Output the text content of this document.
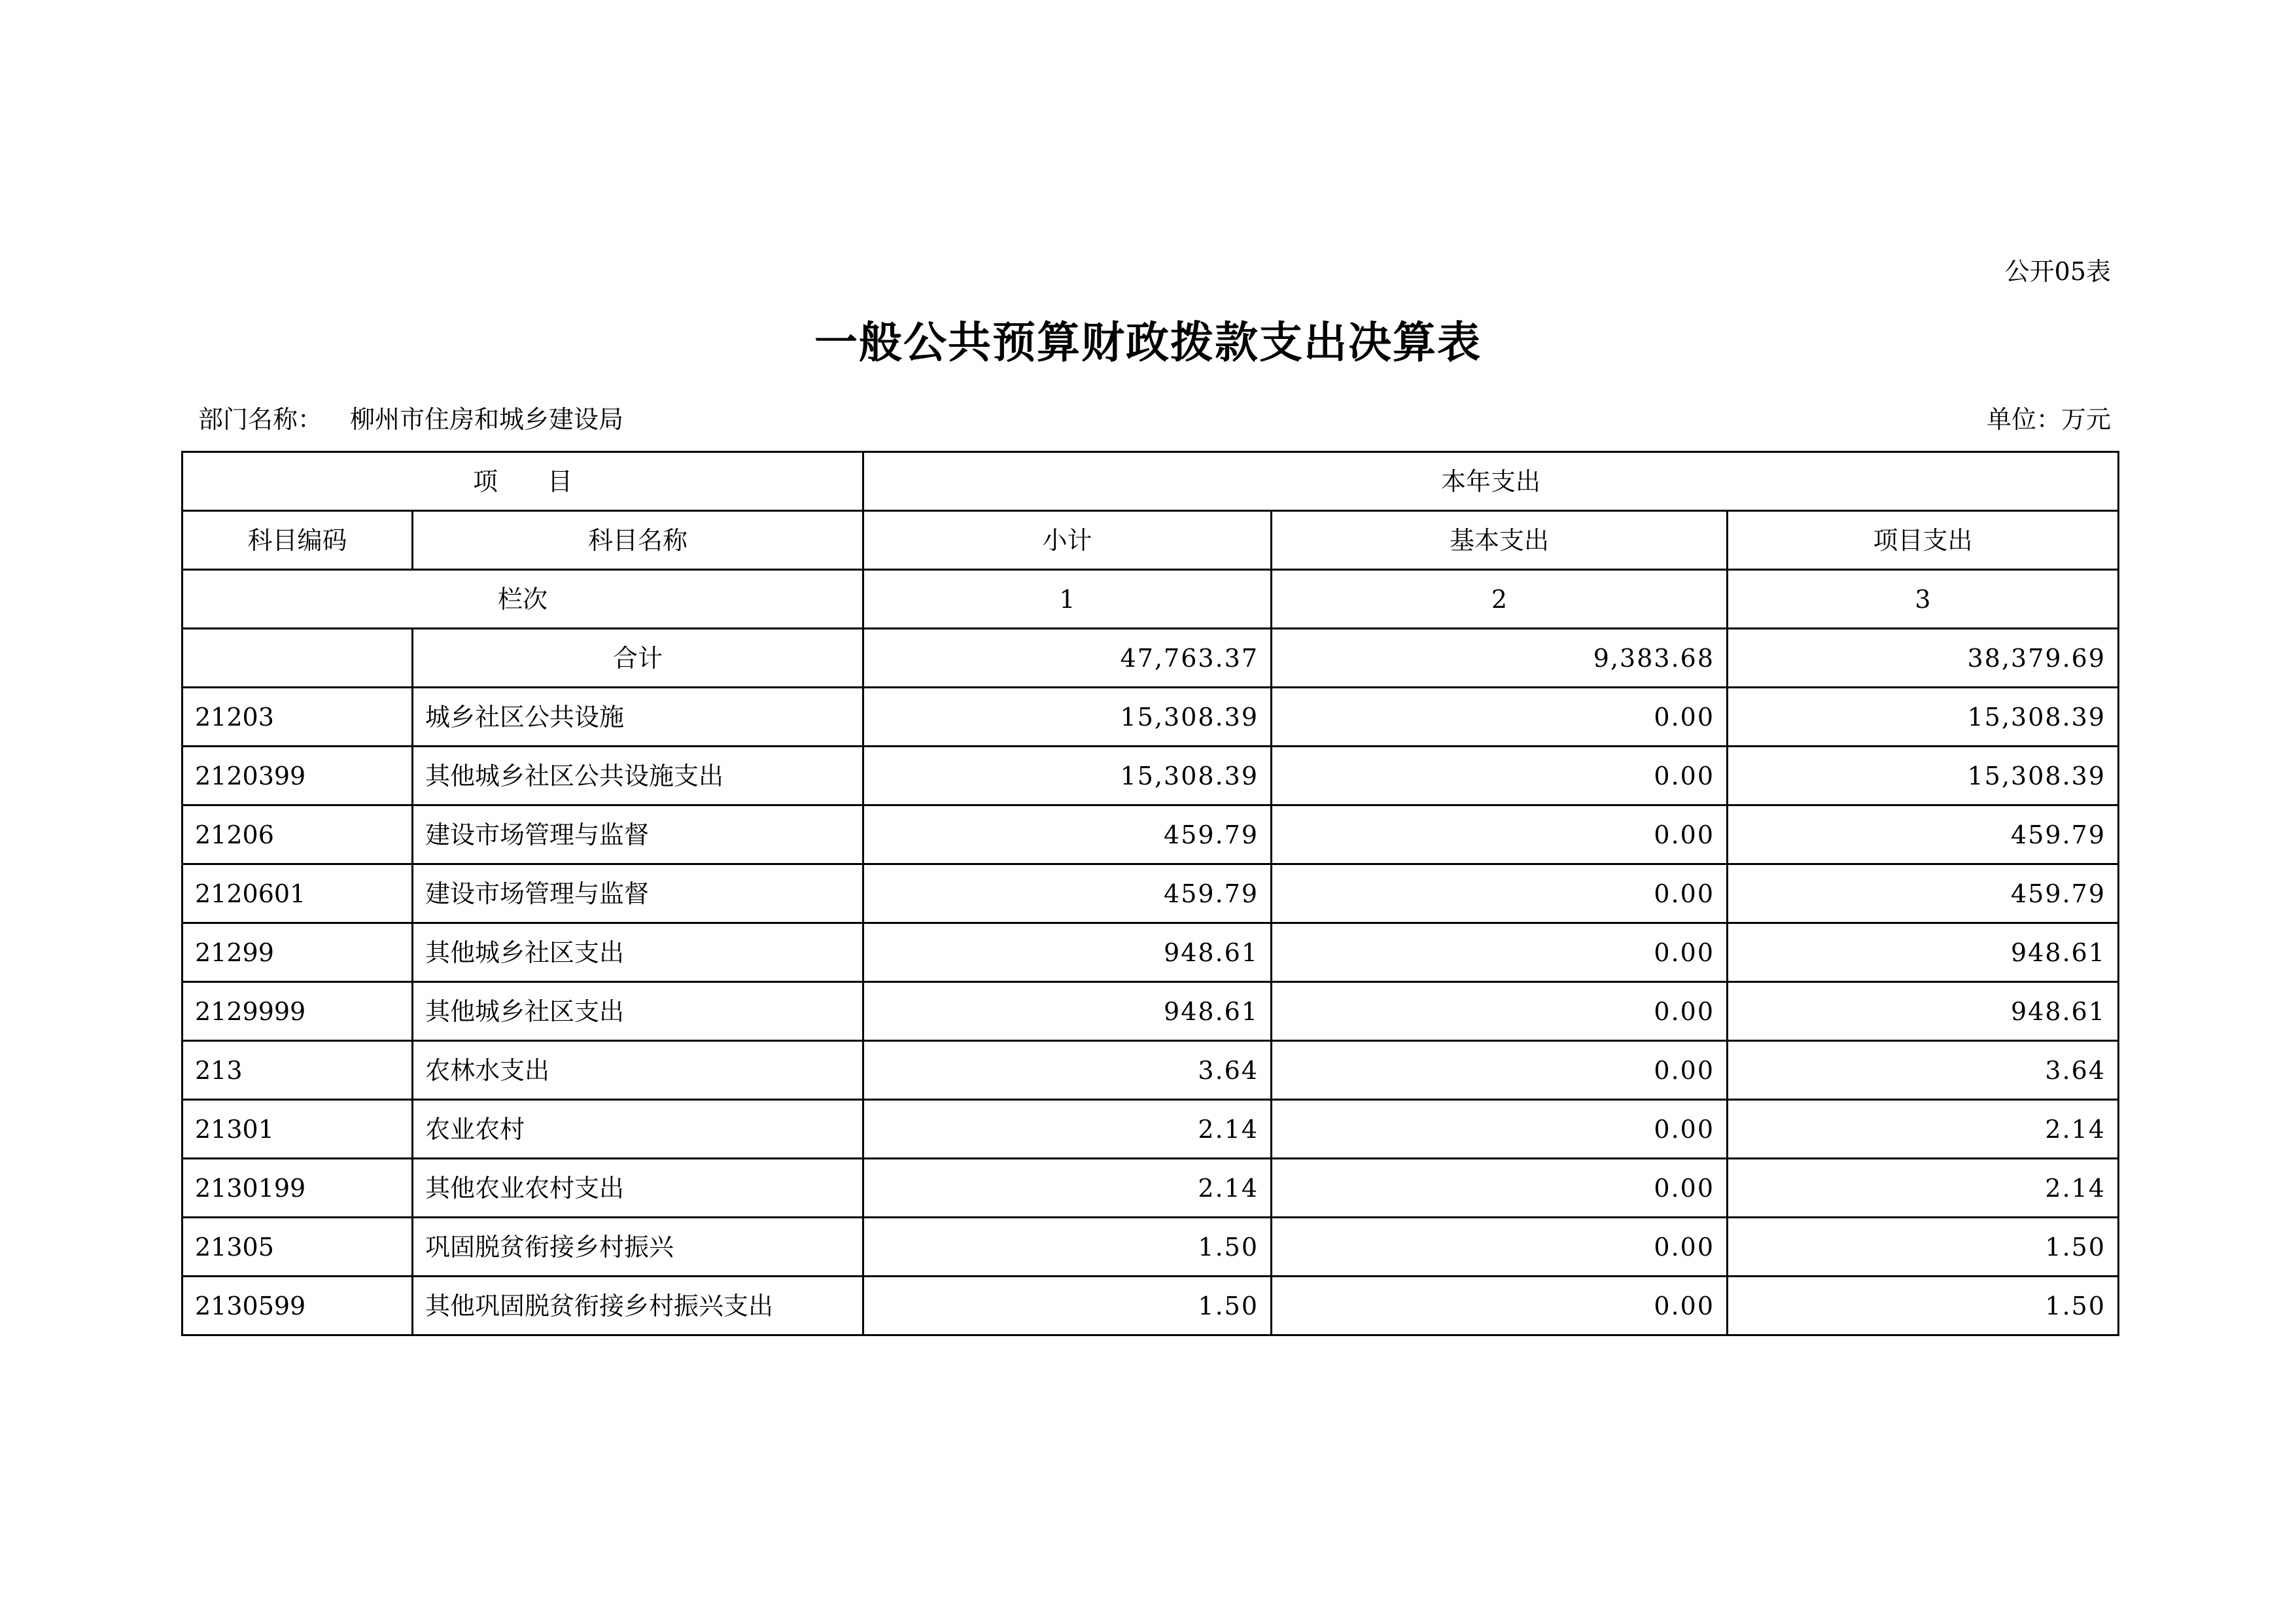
公开05表
一般公共预算财政拨款支出决算表
部门名称： 柳州市住房和城乡建设局	单位：万元
项　　目		本年支出		
科目编码	科目名称	小计	基本支出	项目支出
栏次		1	2	3
	合计	47,763.37	9,383.68	38,379.69
21203	城乡社区公共设施	15,308.39	0.00	15,308.39
2120399	其他城乡社区公共设施支出	15,308.39	0.00	15,308.39
21206	建设市场管理与监督	459.79	0.00	459.79
2120601	建设市场管理与监督	459.79	0.00	459.79
21299	其他城乡社区支出	948.61	0.00	948.61
2129999	其他城乡社区支出	948.61	0.00	948.61
213	农林水支出	3.64	0.00	3.64
21301	农业农村	2.14	0.00	2.14
2130199	其他农业农村支出	2.14	0.00	2.14
21305	巩固脱贫衔接乡村振兴	1.50	0.00	1.50
2130599	其他巩固脱贫衔接乡村振兴支出	1.50	0.00	1.50
